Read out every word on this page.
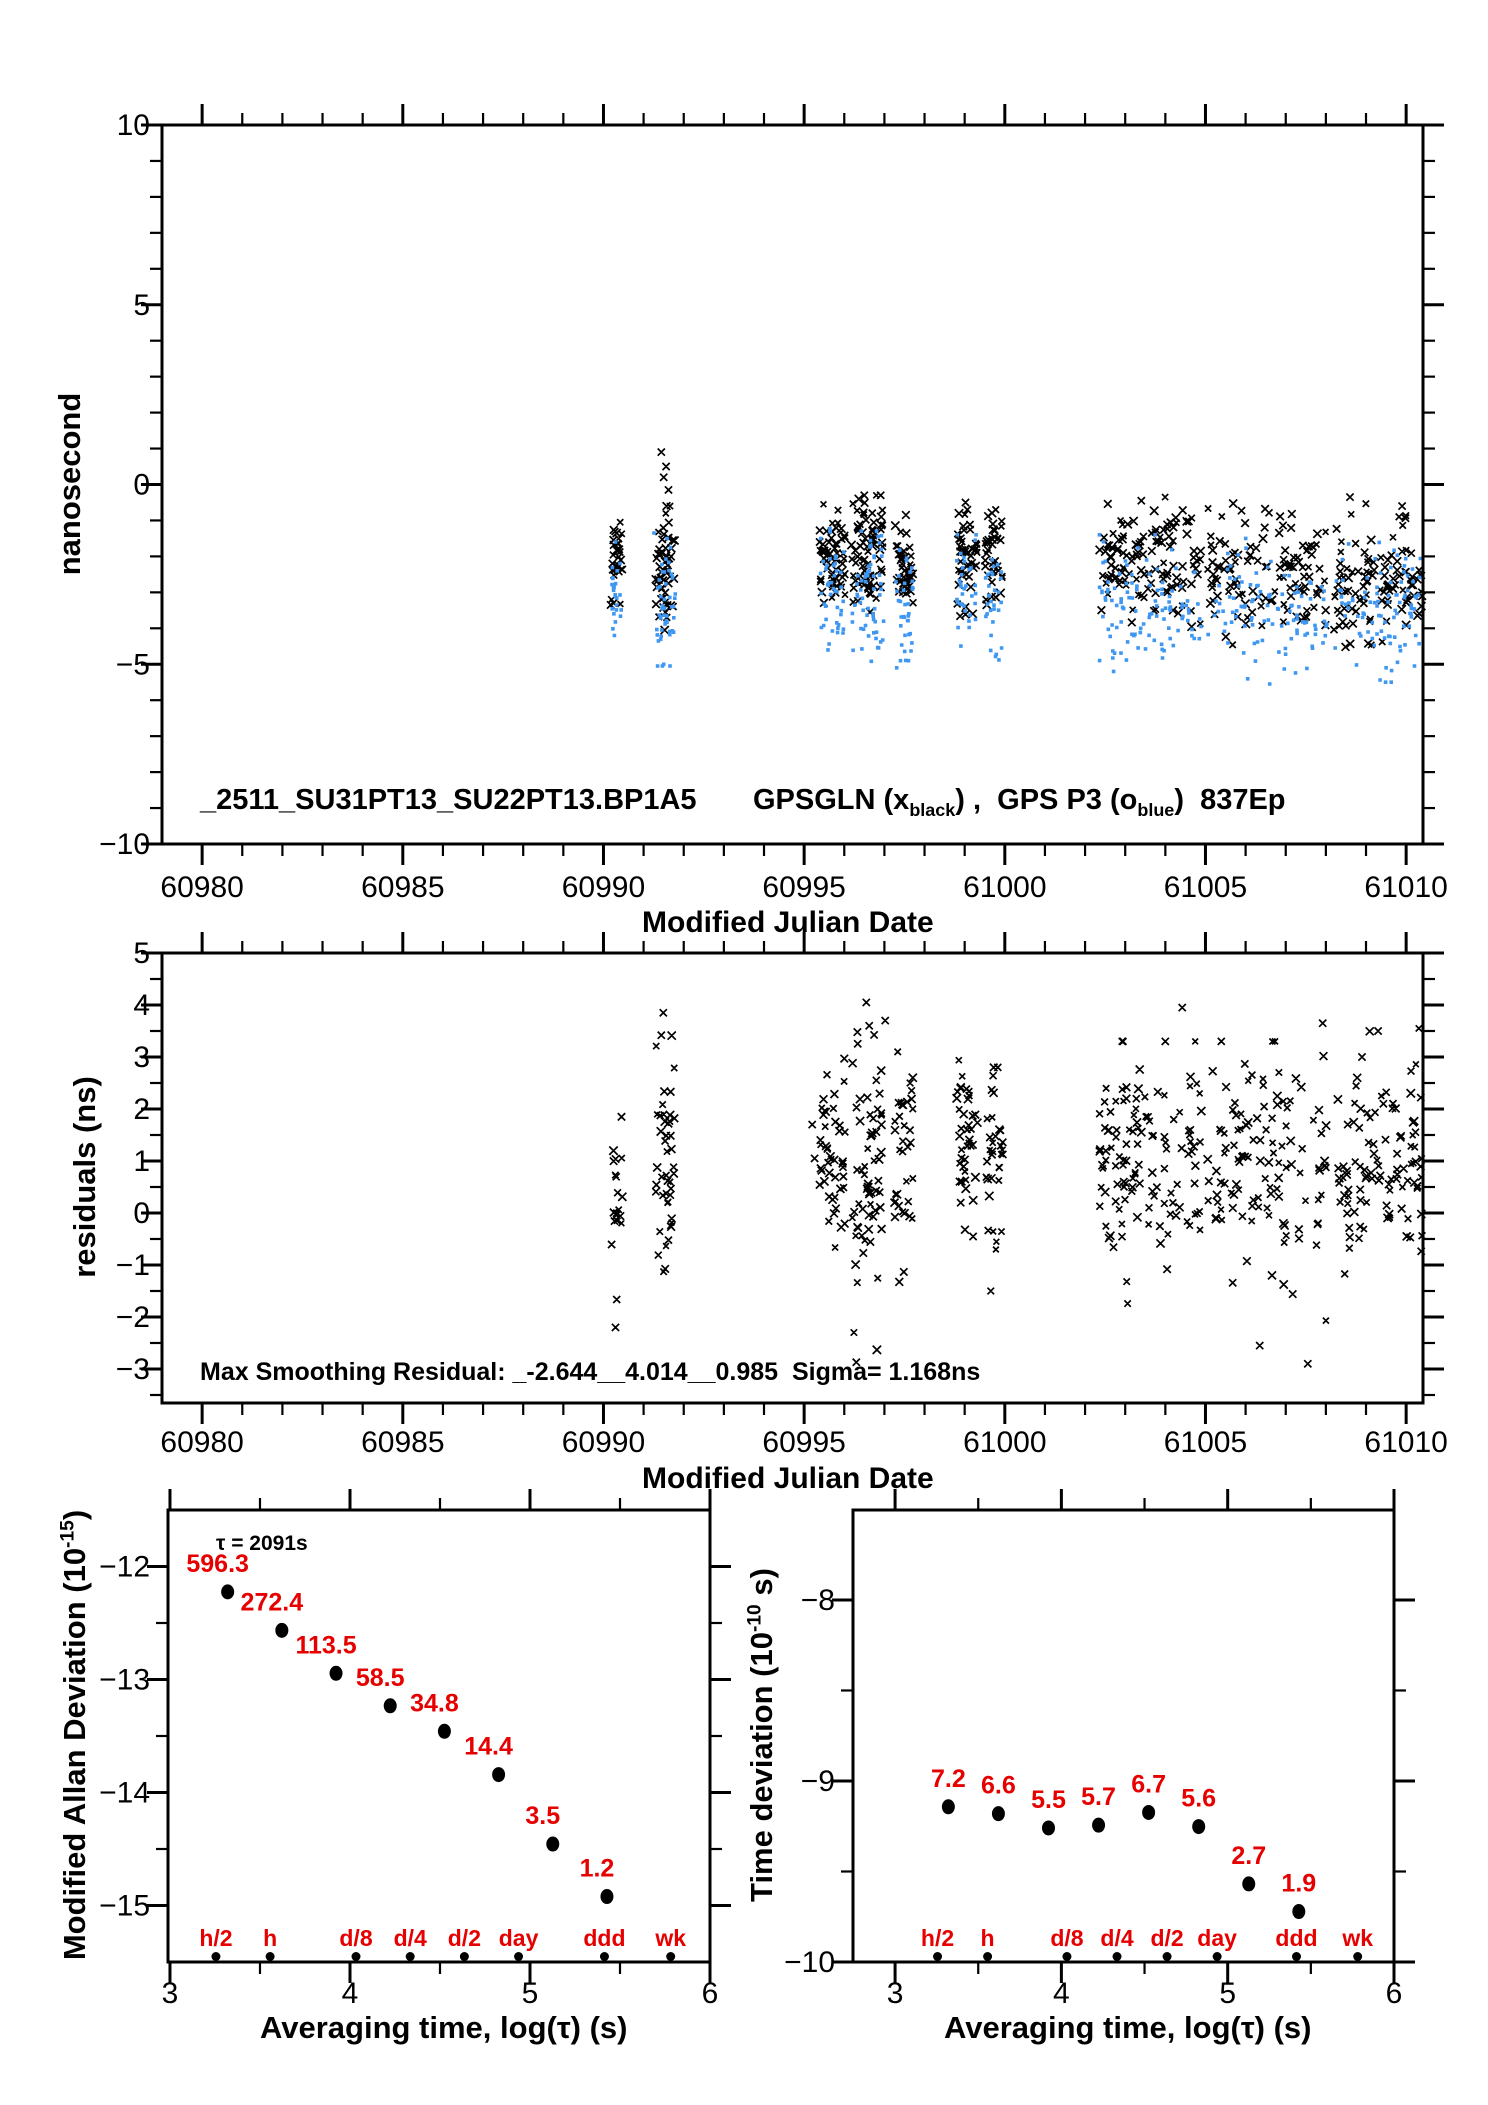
60980	60985	60990	60995	61000	61005	61010
10
5
0
−5
−10
60980	60985	60990	60995	61000	61005	61010
5
4
3
2
1
0
−1
−2
−3
3	4	5	6
−12
−13
−14
−15
596.3
272.4
113.5
58.5
34.8
14.4
3.5
1.2
h/2 h	d/8 d/4 d/2 day ddd wk
3	4	5	6
−8
−9
−10
7.2 6.6
5.5 5.7 6.7
5.6
2.7
1.9
h/2 h d/8 d/4 d/2 day ddd wk
nanosecond
_2511_SU31PT13_SU22PT13.BP1A5 GPSGLN $(x_{black})$ ,  GPS P3 $(o_{blue})$  837Ep
Modified Julian Date
residuals (ns)
Max Smoothing Residual: _-2.644__4.014__0.985  Sigma= 1.168ns
Modified Julian Date
Modified Allan Deviation $(10^{-15})$
τ = 2091s
Averaging time, log(τ) (s)
Time deviation ($10^{-10}$ s)
Averaging time, log(τ) (s)
